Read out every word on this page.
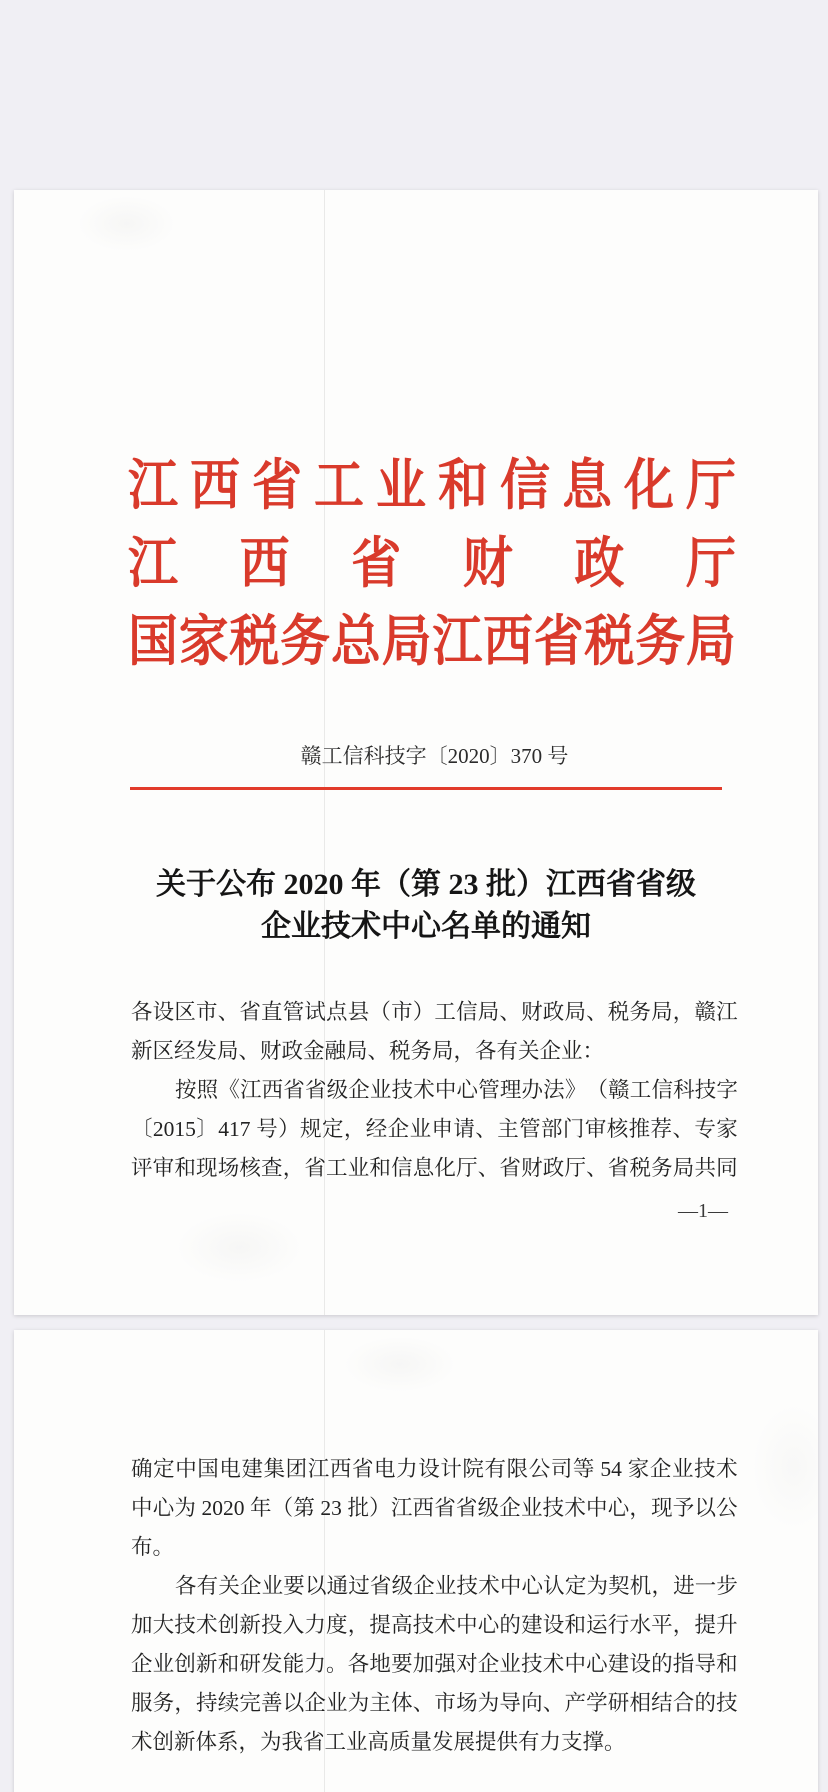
江 西 省 工 业 和 信 息 化 厅
江 西 省 财 政 厅
国 家 税 务 总 局 江 西 省 税 务 局
赣工信科技字〔2020〕370 号
关于公布 2020 年（第 23 批）江西省省级
企业技术中心名单的通知
各 设 区 市 、 省 直 管 试 点 县 （ 市 ） 工 信 局 、 财 政 局 、 税 务 局 ， 赣 江
新区经发局、财政金融局、税务局，各有关企业：
按 照 《 江 西 省 省 级 企 业 技 术 中 心 管 理 办 法 》 （ 赣 工 信 科 技 字
〔 2015 〕 417 号 ） 规 定 ， 经 企 业 申 请 、 主 管 部 门 审 核 推 荐 、 专 家
评 审 和 现 场 核 查 ， 省 工 业 和 信 息 化 厅 、 省 财 政 厅 、 省 税 务 局 共 同
—1—
确 定 中 国 电 建 集 团 江 西 省 电 力 设 计 院 有 限 公 司 等 54 家 企 业 技 术
中 心 为 2020 年 （ 第 23 批 ） 江 西 省 省 级 企 业 技 术 中 心 ， 现 予 以 公
布。
各 有 关 企 业 要 以 通 过 省 级 企 业 技 术 中 心 认 定 为 契 机 ， 进 一 步
加 大 技 术 创 新 投 入 力 度 ， 提 高 技 术 中 心 的 建 设 和 运 行 水 平 ， 提 升
企 业 创 新 和 研 发 能 力 。 各 地 要 加 强 对 企 业 技 术 中 心 建 设 的 指 导 和
服 务 ， 持 续 完 善 以 企 业 为 主 体 、 市 场 为 导 向 、 产 学 研 相 结 合 的 技
术创新体系，为我省工业高质量发展提供有力支撑。
